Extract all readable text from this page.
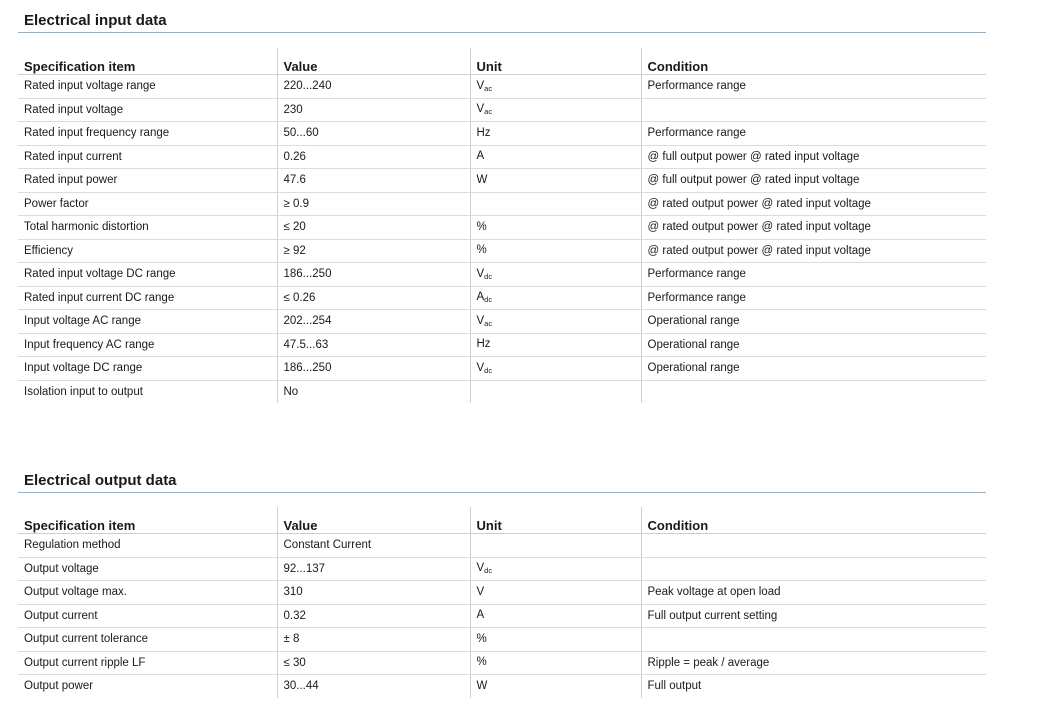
Electrical input data
Specification item	Value	Unit	Condition
Rated input voltage range	220...240	Vac	Performance range
Rated input voltage	230	Vac	
Rated input frequency range	50...60	Hz	Performance range
Rated input current	0.26	A	@ full output power @ rated input voltage
Rated input power	47.6	W	@ full output power @ rated input voltage
Power factor	≥ 0.9		@ rated output power @ rated input voltage
Total harmonic distortion	≤ 20	%	@ rated output power @ rated input voltage
Efficiency	≥ 92	%	@ rated output power @ rated input voltage
Rated input voltage DC range	186...250	Vdc	Performance range
Rated input current DC range	≤ 0.26	Adc	Performance range
Input voltage AC range	202...254	Vac	Operational range
Input frequency AC range	47.5...63	Hz	Operational range
Input voltage DC range	186...250	Vdc	Operational range
Isolation input to output	No		
Electrical output data
Specification item	Value	Unit	Condition
Regulation method	Constant Current		
Output voltage	92...137	Vdc	
Output voltage max.	310	V	Peak voltage at open load
Output current	0.32	A	Full output current setting
Output current tolerance	± 8	%	
Output current ripple LF	≤ 30	%	Ripple = peak / average
Output power	30...44	W	Full output
